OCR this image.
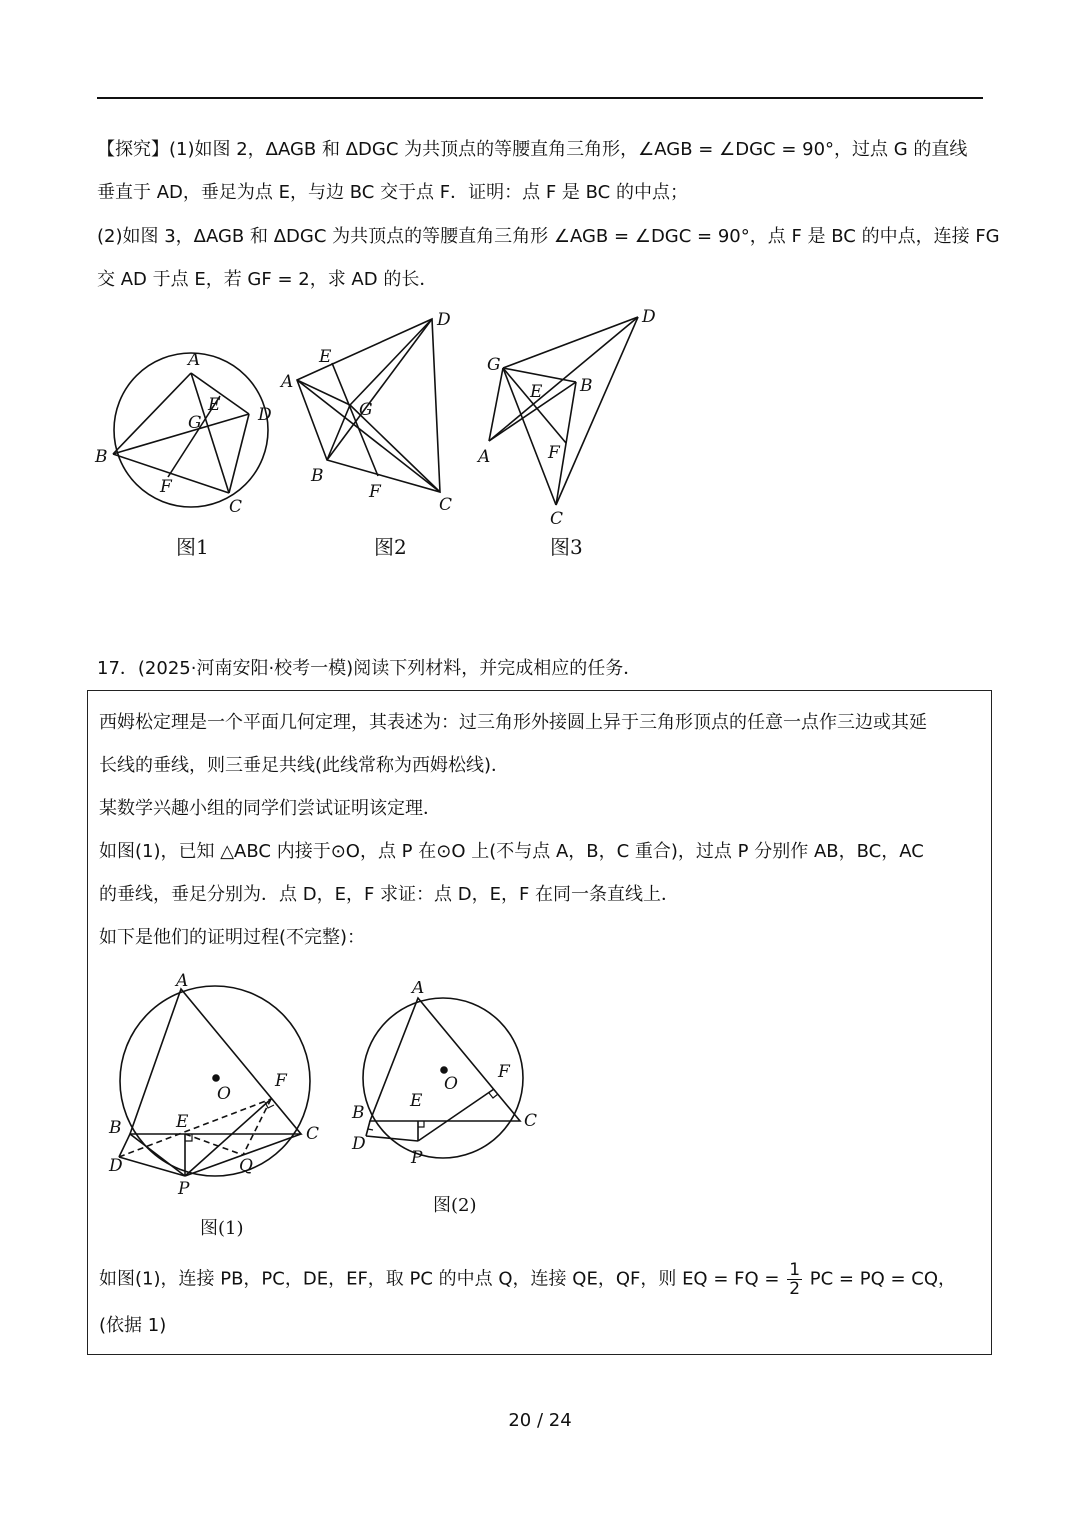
【探究】(1)如图 2，ΔAGB 和 ΔDGC 为共顶点的等腰直角三角形，∠AGB = ∠DGC = 90°，过点 G 的直线
垂直于 AD，垂足为点 E，与边 BC 交于点 F．证明：点 F 是 BC 的中点；
(2)如图 3，ΔAGB 和 ΔDGC 为共顶点的等腰直角三角形 ∠AGB = ∠DGC = 90°，点 F 是 BC 的中点，连接 FG
交 AD 于点 E，若 GF = 2，求 AD 的长．
A
B
C
D
E
F
G
图1
A
B
C
D
E
F
G
图2
A
B
C
D
E
F
G
图3
17．(2025·河南安阳·校考一模)阅读下列材料，并完成相应的任务．
西姆松定理是一个平面几何定理，其表述为：过三角形外接圆上异于三角形顶点的任意一点作三边或其延
长线的垂线，则三垂足共线(此线常称为西姆松线)．
某数学兴趣小组的同学们尝试证明该定理．
如图(1)，已知 △ABC 内接于⊙O，点 P 在⊙O 上(不与点 A，B，C 重合)，过点 P 分别作 AB，BC，AC
的垂线，垂足分别为．点 D，E，F 求证：点 D，E，F 在同一条直线上．
如下是他们的证明过程(不完整)：
A
B	C
D
E
F
O
P
Q
图(1)
A
B	C
D
E
F
O
P
图(2)
如图(1)，连接 PB，PC，DE，EF，取 PC 的中点 Q，连接 QE，QF，则 EQ = FQ = $\frac{1}{2}$ PC = PQ = CQ，
(依据 1)
20 / 24
